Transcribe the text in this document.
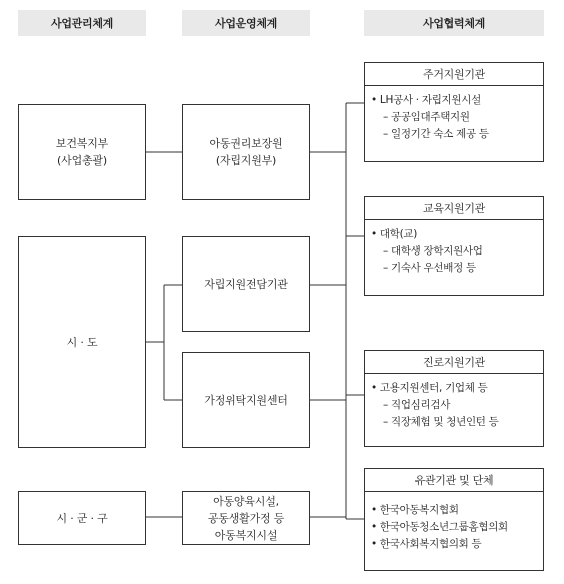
사업관리체계	사업운영체계	사업협력체계
보건복지부
(사업총괄)
시 · 도
시 · 군 · 구
아동권리보장원
(자립지원부)
자립지원전담기관
가정위탁지원센터
아동양육시설,
공동생활가정 등
아동복지시설
주거지원기관
• LH공사 · 자립지원시설
– 공공임대주택지원
– 일정기간 숙소 제공 등
교육지원기관
• 대학(교)
– 대학생 장학지원사업
– 기숙사 우선배정 등
진로지원기관
• 고용지원센터, 기업체 등
– 직업심리검사
– 직장체험 및 청년인턴 등
유관기관 및 단체
• 한국아동복지협회
• 한국아동청소년그룹홈협의회
• 한국사회복지협의회 등
